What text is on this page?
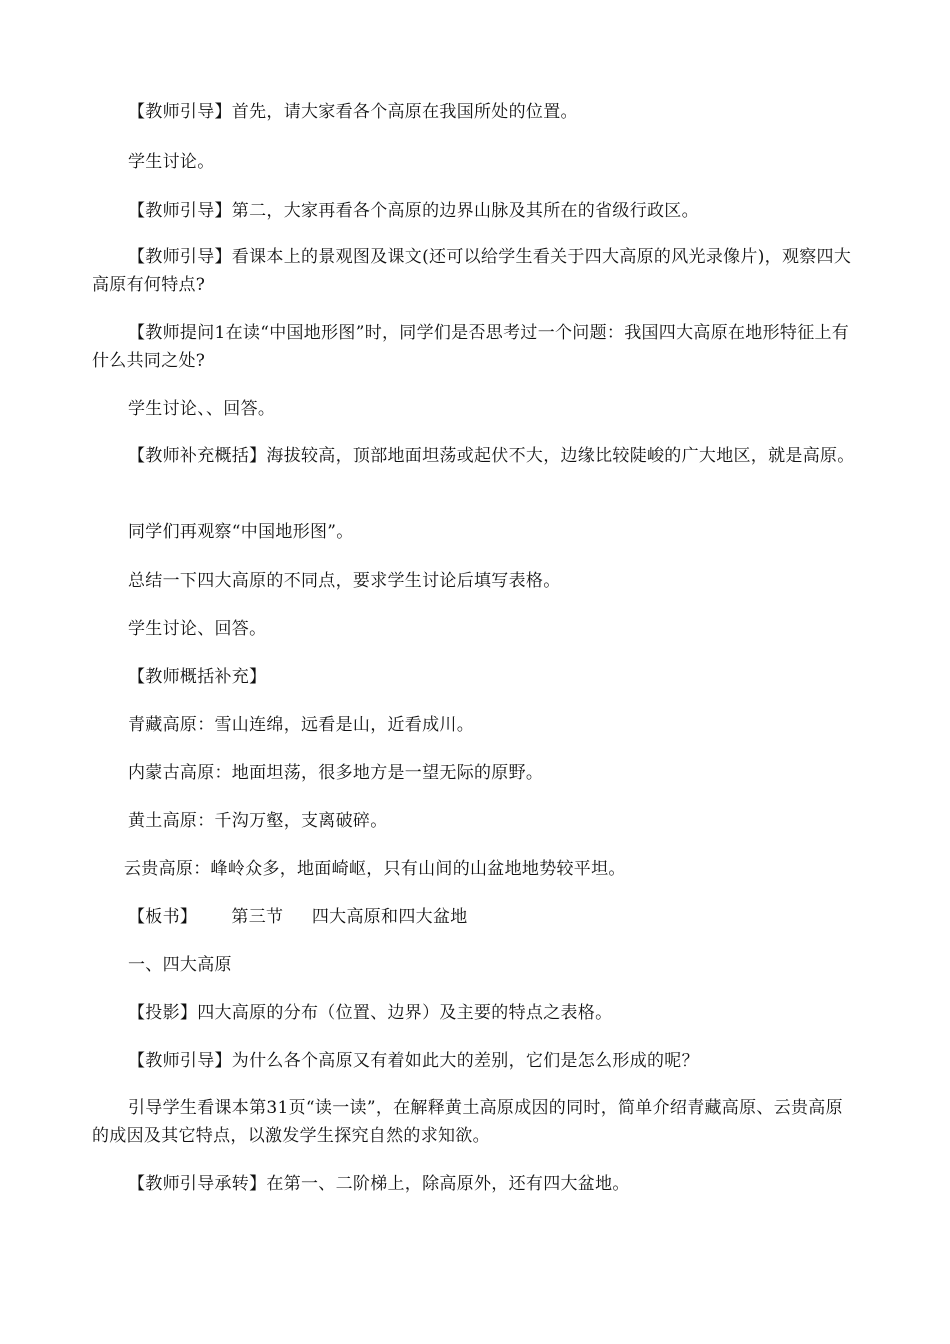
【教师引导】首先，请大家看各个高原在我国所处的位置。
学生讨论。
【教师引导】第二，大家再看各个高原的边界山脉及其所在的省级行政区。
【教师引导】看课本上的景观图及课文(还可以给学生看关于四大高原的风光录像片)，观察四大高原有何特点?
【教师提问1在读“中国地形图”时，同学们是否思考过一个问题：我国四大高原在地形特征上有什么共同之处?
学生讨论、、回答。
【教师补充概括】海拔较高，顶部地面坦荡或起伏不大，边缘比较陡峻的广大地区，就是高原。
同学们再观察“中国地形图”。
总结一下四大高原的不同点，要求学生讨论后填写表格。
学生讨论、回答。
【教师概括补充】
青藏高原：雪山连绵，远看是山，近看成川。
内蒙古高原：地面坦荡，很多地方是一望无际的原野。
黄土高原：千沟万壑，支离破碎。
云贵高原：峰岭众多，地面崎岖，只有山间的山盆地地势较平坦。
【板书】      第三节     四大高原和四大盆地
一、四大高原
【投影】四大高原的分布（位置、边界）及主要的特点之表格。
【教师引导】为什么各个高原又有着如此大的差别，它们是怎么形成的呢？
引导学生看课本第31页“读一读”，在解释黄土高原成因的同时，简单介绍青藏高原、云贵高原的成因及其它特点，以激发学生探究自然的求知欲。
【教师引导承转】在第一、二阶梯上，除高原外，还有四大盆地。
